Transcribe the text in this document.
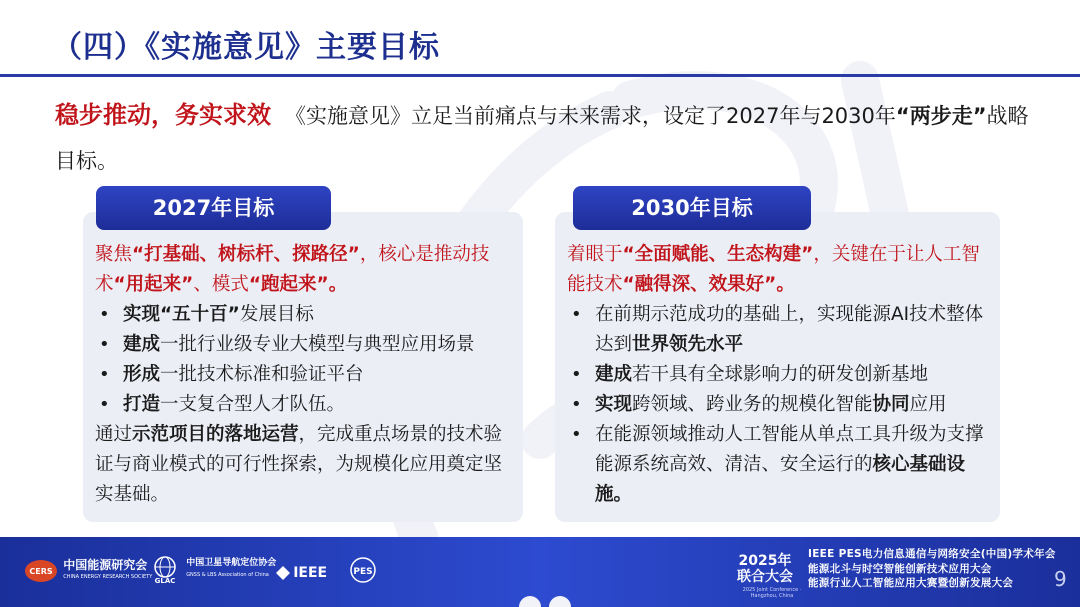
（四）《实施意见》主要目标
稳步推动，务实求效 《实施意见》立足当前痛点与未来需求，设定了2027年与2030年“两步走”战略目标。
2027年目标
聚焦“打基础、树标杆、探路径”，核心是推动技术“用起来”、模式“跑起来”。
• 实现“五十百”发展目标
• 建成一批行业级专业大模型与典型应用场景
• 形成一批技术标准和验证平台
• 打造一支复合型人才队伍。
通过示范项目的落地运营，完成重点场景的技术验证与商业模式的可行性探索，为规模化应用奠定坚实基础。
2030年目标
着眼于“全面赋能、生态构建”，关键在于让人工智能技术“融得深、效果好”。
• 在前期示范成功的基础上，实现能源AI技术整体达到世界领先水平
• 建成若干具有全球影响力的研发创新基地
• 实现跨领域、跨业务的规模化智能协同应用
• 在能源领域推动人工智能从单点工具升级为支撑能源系统高效、清洁、安全运行的核心基础设施。
CERS
中国能源研究会
CHINA ENERGY RESEARCH SOCIETY GLAC

中国卫星导航定位协会
GNSS & LBS Association of China	IEEE	PES
2025年
联合大会
2025 Joint Conference · Hangzhou, China
IEEE PES电力信息通信与网络安全(中国)学术年会
能源北斗与时空智能创新技术应用大会
能源行业人工智能应用大赛暨创新发展大会	9
